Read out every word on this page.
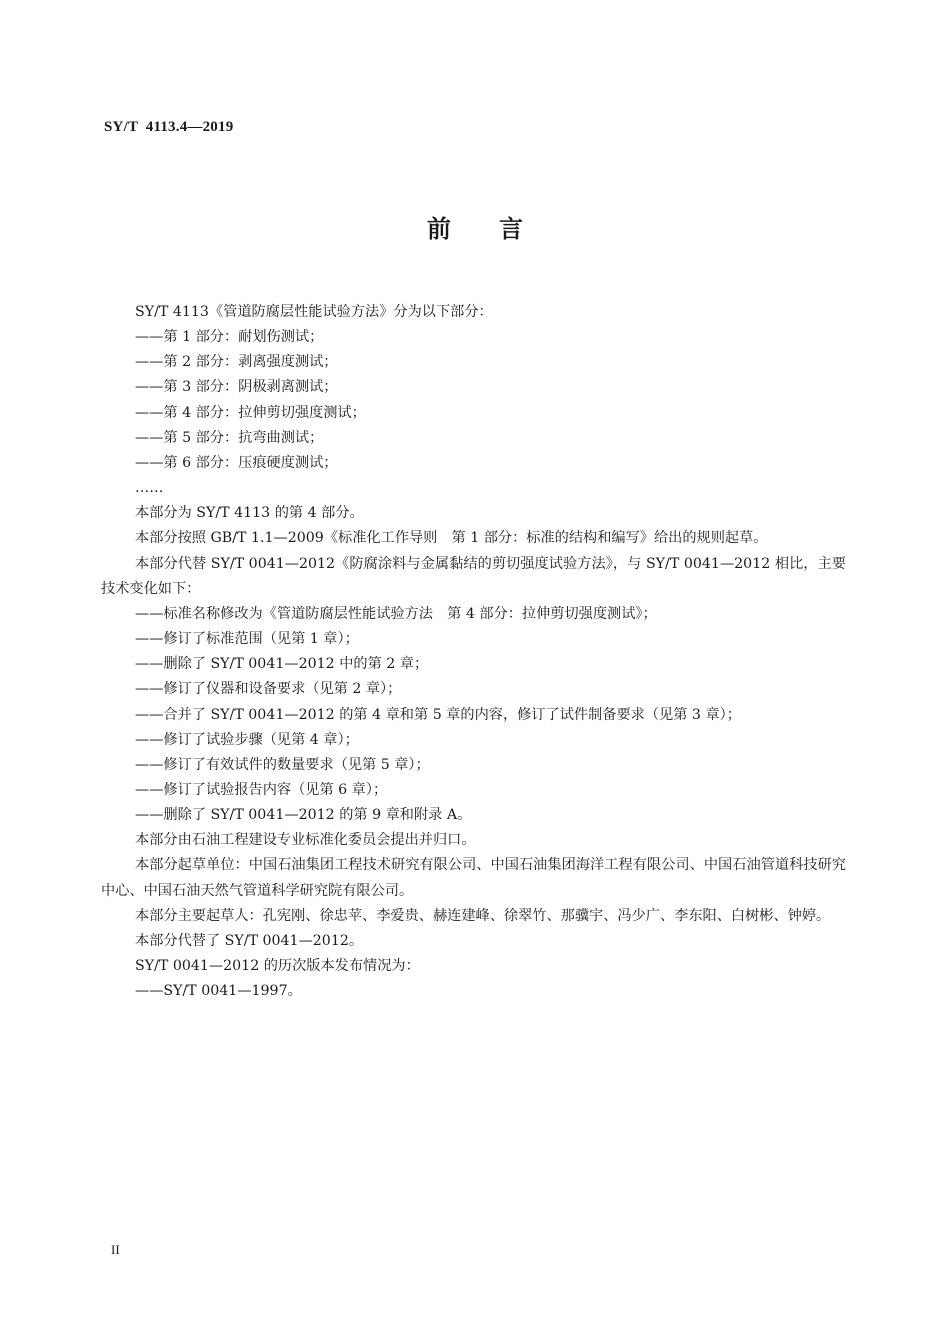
SY/T  4113.4—2019
前言

SY/T 4113《管道防腐层性能试验方法》分为以下部分：

——第 1 部分：耐划伤测试；

——第 2 部分：剥离强度测试；

——第 3 部分：阴极剥离测试；

——第 4 部分：拉伸剪切强度测试；

——第 5 部分：抗弯曲测试；

——第 6 部分：压痕硬度测试；

……

本部分为 SY/T 4113 的第 4 部分。

本部分按照 GB/T 1.1—2009《标准化工作导则　第 1 部分：标准的结构和编写》给出的规则起草。

本部分代替 SY/T 0041—2012《防腐涂料与金属黏结的剪切强度试验方法》，与 SY/T 0041—2012 相比，主要技术变化如下：

——标准名称修改为《管道防腐层性能试验方法　第 4 部分：拉伸剪切强度测试》；

——修订了标准范围（见第 1 章）；

——删除了 SY/T 0041—2012 中的第 2 章；

——修订了仪器和设备要求（见第 2 章）；

——合并了 SY/T 0041—2012 的第 4 章和第 5 章的内容，修订了试件制备要求（见第 3 章）；

——修订了试验步骤（见第 4 章）；

——修订了有效试件的数量要求（见第 5 章）；

——修订了试验报告内容（见第 6 章）；

——删除了 SY/T 0041—2012 的第 9 章和附录 A。

本部分由石油工程建设专业标准化委员会提出并归口。

本部分起草单位：中国石油集团工程技术研究有限公司、中国石油集团海洋工程有限公司、中国石油管道科技研究中心、中国石油天然气管道科学研究院有限公司。

本部分主要起草人：孔宪刚、徐忠苹、李爱贵、赫连建峰、徐翠竹、那骥宇、冯少广、李东阳、白树彬、钟婷。

本部分代替了 SY/T 0041—2012。

SY/T 0041—2012 的历次版本发布情况为：

——SY/T 0041—1997。

II
